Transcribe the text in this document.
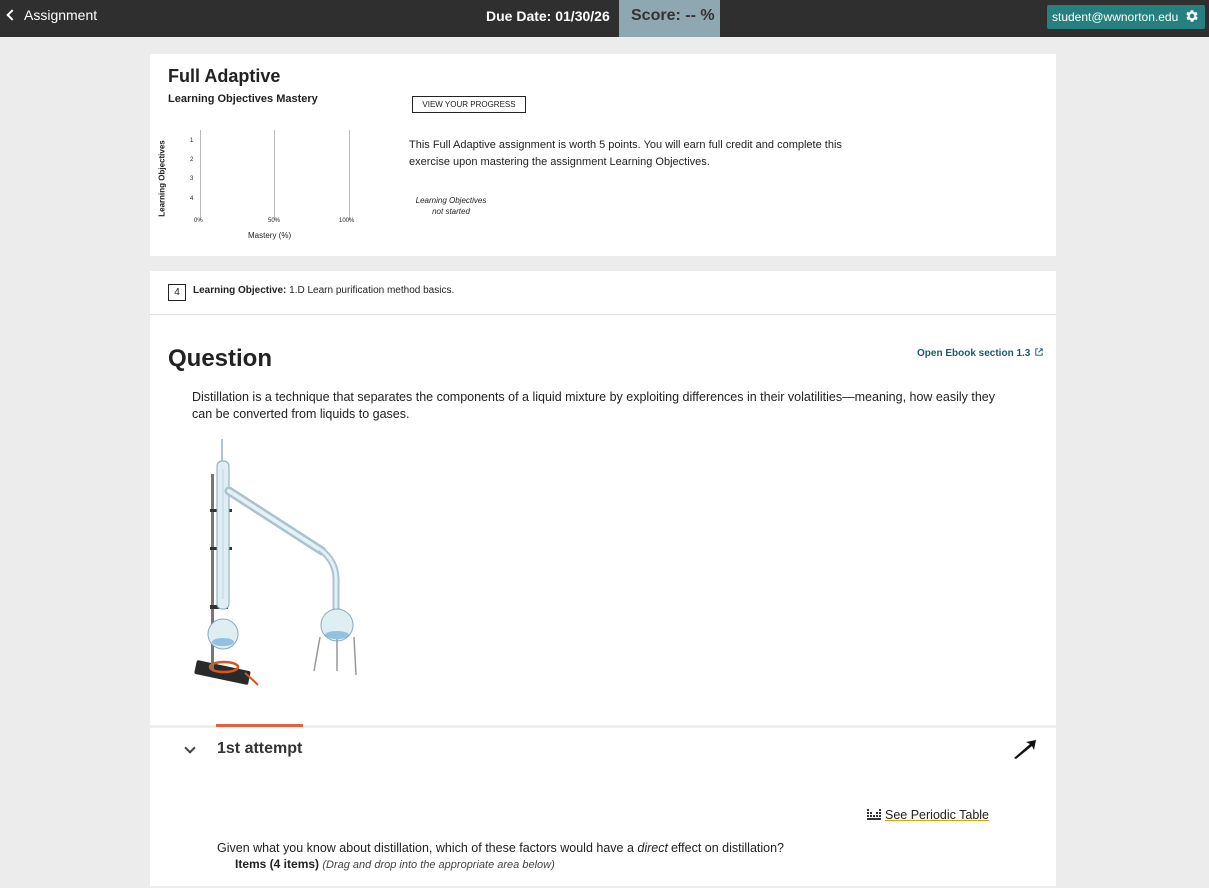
Assignment	Due Date: 01/30/26	Score: -- %	student@wwnorton.edu
Full Adaptive
Learning Objectives Mastery	VIEW YOUR PROGRESS
Learning Objectives	1
2
3
4
0%	50%	100%
Mastery (%)
This Full Adaptive assignment is worth 5 points. You will earn full credit and complete this exercise upon mastering the assignment Learning Objectives.
Learning Objectives
not started
4	Learning Objective: 1.D Learn purification method basics.
Question	Open Ebook section 1.3
Distillation is a technique that separates the components of a liquid mixture by exploiting differences in their volatilities—meaning, how easily they can be converted from liquids to gases.
1st attempt
See Periodic Table
Given what you know about distillation, which of these factors would have a direct effect on distillation?
Items (4 items) (Drag and drop into the appropriate area below)
